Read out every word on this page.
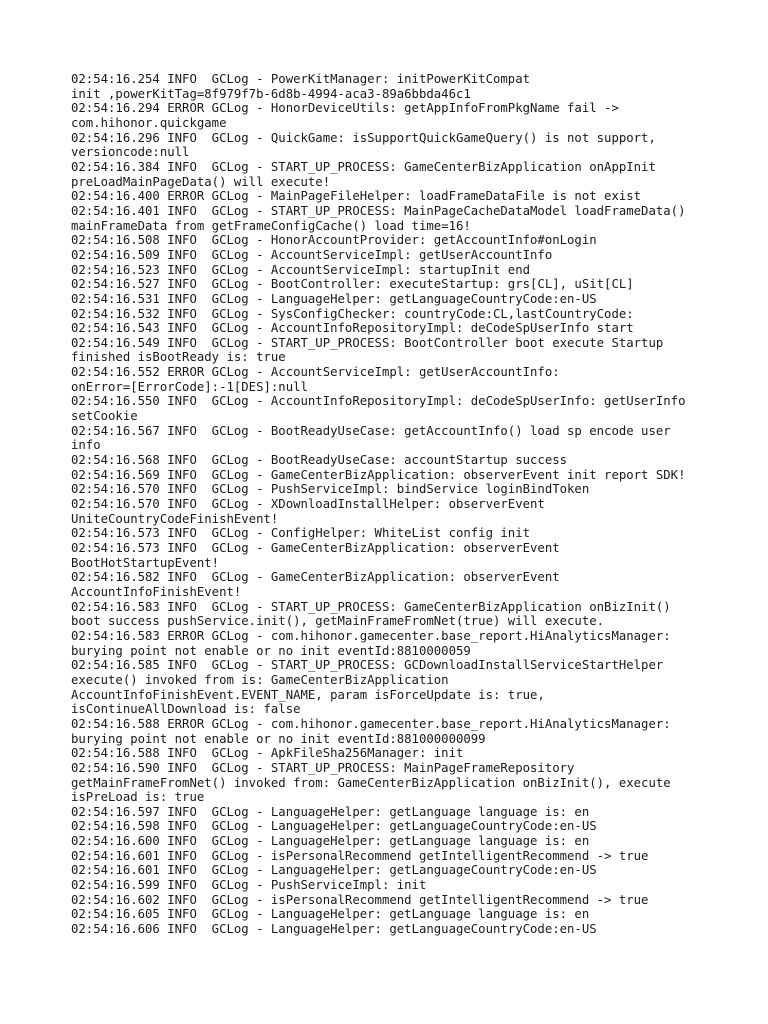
02:54:16.254 INFO  GCLog - PowerKitManager: initPowerKitCompat
init ,powerKitTag=8f979f7b-6d8b-4994-aca3-89a6bbda46c1
02:54:16.294 ERROR GCLog - HonorDeviceUtils: getAppInfoFromPkgName fail ->
com.hihonor.quickgame
02:54:16.296 INFO  GCLog - QuickGame: isSupportQuickGameQuery() is not support,
versioncode:null
02:54:16.384 INFO  GCLog - START_UP_PROCESS: GameCenterBizApplication onAppInit
preLoadMainPageData() will execute!
02:54:16.400 ERROR GCLog - MainPageFileHelper: loadFrameDataFile is not exist
02:54:16.401 INFO  GCLog - START_UP_PROCESS: MainPageCacheDataModel loadFrameData()
mainFrameData from getFrameConfigCache() load time=16!
02:54:16.508 INFO  GCLog - HonorAccountProvider: getAccountInfo#onLogin
02:54:16.509 INFO  GCLog - AccountServiceImpl: getUserAccountInfo
02:54:16.523 INFO  GCLog - AccountServiceImpl: startupInit end
02:54:16.527 INFO  GCLog - BootController: executeStartup: grs[CL], uSit[CL]
02:54:16.531 INFO  GCLog - LanguageHelper: getLanguageCountryCode:en-US
02:54:16.532 INFO  GCLog - SysConfigChecker: countryCode:CL,lastCountryCode:
02:54:16.543 INFO  GCLog - AccountInfoRepositoryImpl: deCodeSpUserInfo start
02:54:16.549 INFO  GCLog - START_UP_PROCESS: BootController boot execute Startup
finished isBootReady is: true
02:54:16.552 ERROR GCLog - AccountServiceImpl: getUserAccountInfo:
onError=[ErrorCode]:-1[DES]:null
02:54:16.550 INFO  GCLog - AccountInfoRepositoryImpl: deCodeSpUserInfo: getUserInfo
setCookie
02:54:16.567 INFO  GCLog - BootReadyUseCase: getAccountInfo() load sp encode user
info
02:54:16.568 INFO  GCLog - BootReadyUseCase: accountStartup success
02:54:16.569 INFO  GCLog - GameCenterBizApplication: observerEvent init report SDK!
02:54:16.570 INFO  GCLog - PushServiceImpl: bindService loginBindToken
02:54:16.570 INFO  GCLog - XDownloadInstallHelper: observerEvent
UniteCountryCodeFinishEvent!
02:54:16.573 INFO  GCLog - ConfigHelper: WhiteList config init
02:54:16.573 INFO  GCLog - GameCenterBizApplication: observerEvent
BootHotStartupEvent!
02:54:16.582 INFO  GCLog - GameCenterBizApplication: observerEvent
AccountInfoFinishEvent!
02:54:16.583 INFO  GCLog - START_UP_PROCESS: GameCenterBizApplication onBizInit()
boot success pushService.init(), getMainFrameFromNet(true) will execute.
02:54:16.583 ERROR GCLog - com.hihonor.gamecenter.base_report.HiAnalyticsManager:
burying point not enable or no init eventId:8810000059
02:54:16.585 INFO  GCLog - START_UP_PROCESS: GCDownloadInstallServiceStartHelper
execute() invoked from is: GameCenterBizApplication
AccountInfoFinishEvent.EVENT_NAME, param isForceUpdate is: true,
isContinueAllDownload is: false
02:54:16.588 ERROR GCLog - com.hihonor.gamecenter.base_report.HiAnalyticsManager:
burying point not enable or no init eventId:881000000099
02:54:16.588 INFO  GCLog - ApkFileSha256Manager: init
02:54:16.590 INFO  GCLog - START_UP_PROCESS: MainPageFrameRepository
getMainFrameFromNet() invoked from: GameCenterBizApplication onBizInit(), execute
isPreLoad is: true
02:54:16.597 INFO  GCLog - LanguageHelper: getLanguage language is: en
02:54:16.598 INFO  GCLog - LanguageHelper: getLanguageCountryCode:en-US
02:54:16.600 INFO  GCLog - LanguageHelper: getLanguage language is: en
02:54:16.601 INFO  GCLog - isPersonalRecommend getIntelligentRecommend -> true
02:54:16.601 INFO  GCLog - LanguageHelper: getLanguageCountryCode:en-US
02:54:16.599 INFO  GCLog - PushServiceImpl: init
02:54:16.602 INFO  GCLog - isPersonalRecommend getIntelligentRecommend -> true
02:54:16.605 INFO  GCLog - LanguageHelper: getLanguage language is: en
02:54:16.606 INFO  GCLog - LanguageHelper: getLanguageCountryCode:en-US
